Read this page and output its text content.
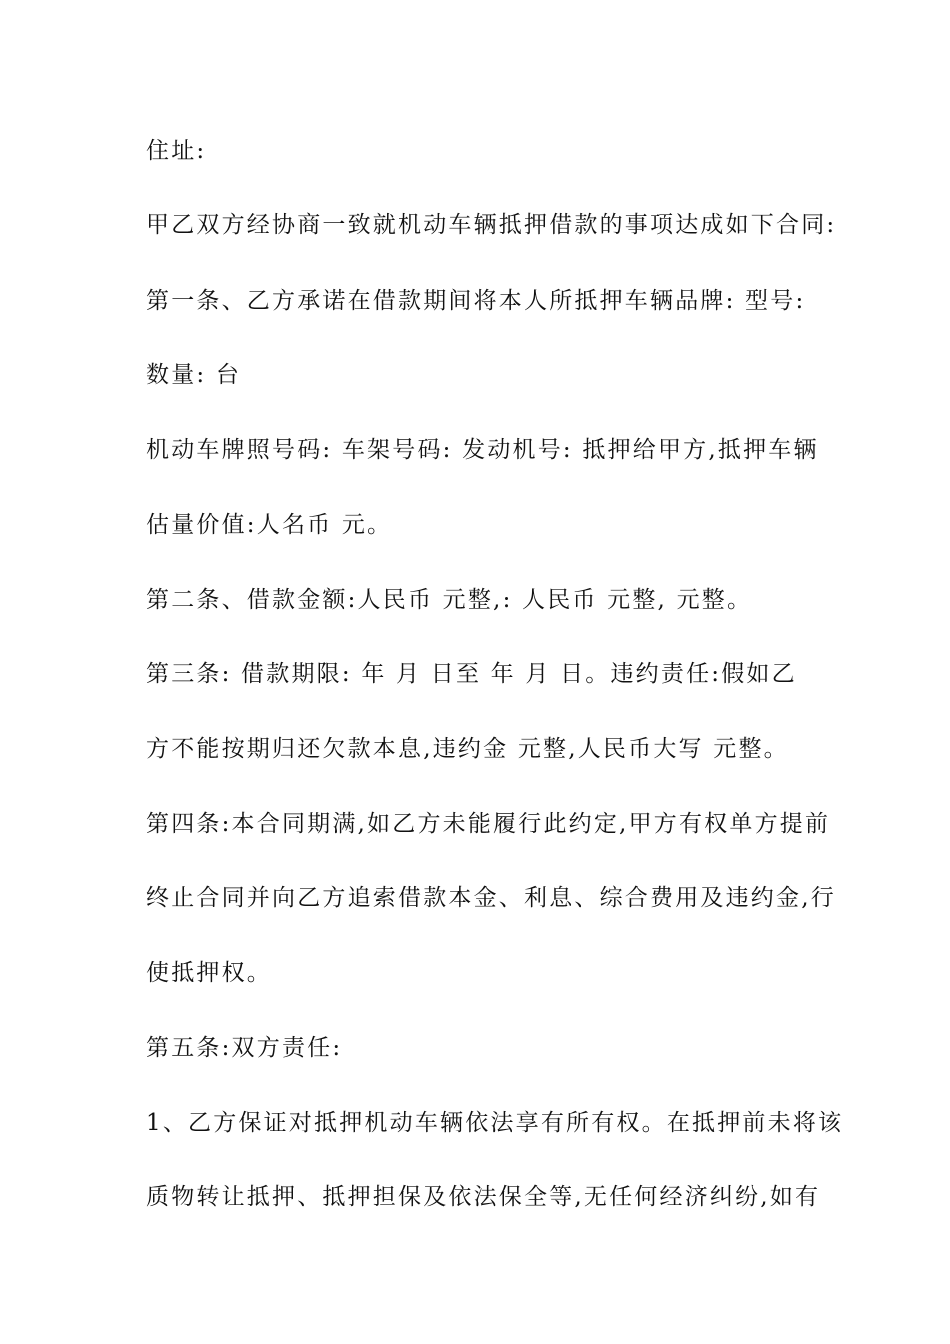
住址:
甲乙双方经协商一致就机动车辆抵押借款的事项达成如下合同:
第一条、乙方承诺在借款期间将本人所抵押车辆品牌: 型号:
数量: 台
机动车牌照号码: 车架号码: 发动机号: 抵押给甲方,抵押车辆
估量价值:人名币 元。
第二条、借款金额:人民币 元整,: 人民币 元整, 元整。
第三条: 借款期限: 年 月 日至 年 月 日。违约责任:假如乙
方不能按期归还欠款本息,违约金 元整,人民币大写 元整。
第四条:本合同期满,如乙方未能履行此约定,甲方有权单方提前
终止合同并向乙方追索借款本金、利息、综合费用及违约金,行
使抵押权。
第五条:双方责任:
1、乙方保证对抵押机动车辆依法享有所有权。在抵押前未将该
质物转让抵押、抵押担保及依法保全等,无任何经济纠纷,如有
